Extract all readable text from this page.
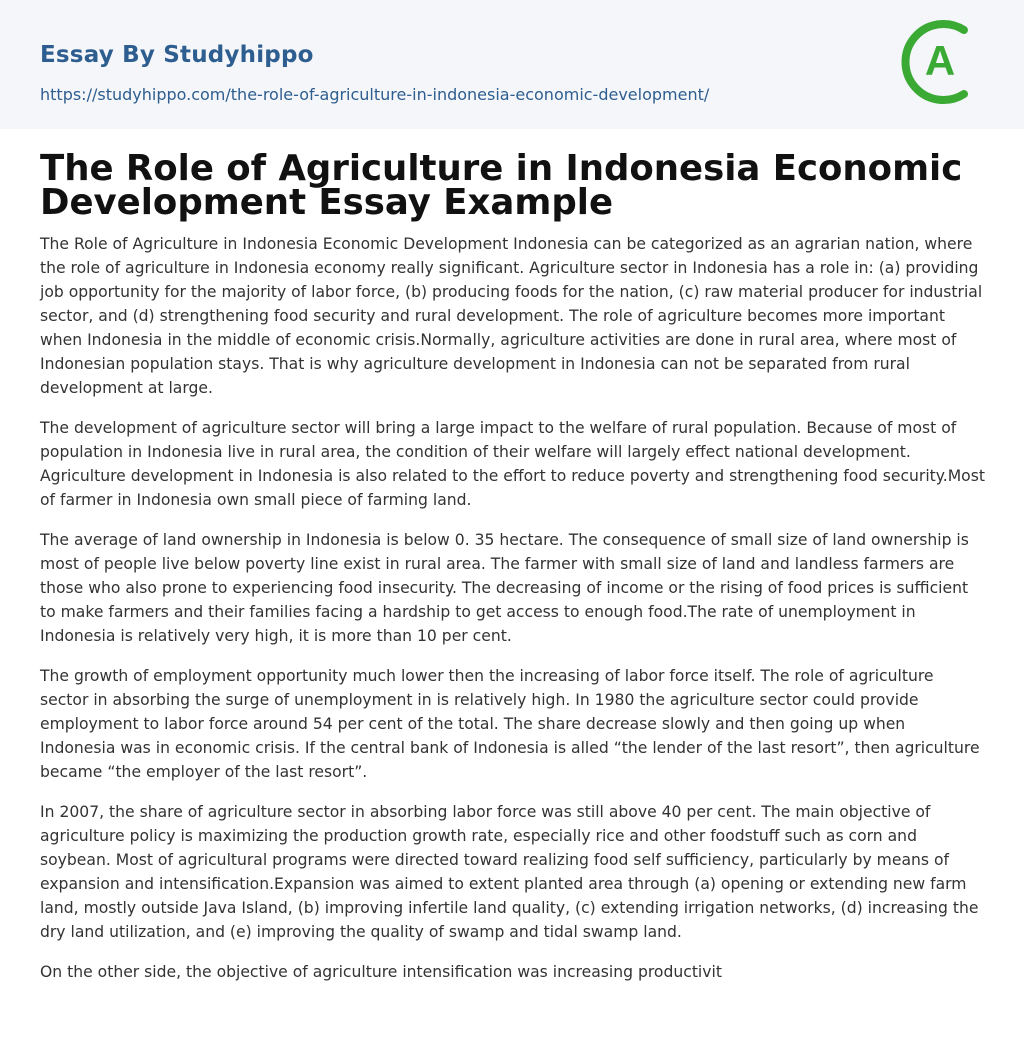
Essay By Studyhippo
https://studyhippo.com/the-role-of-agriculture-in-indonesia-economic-development/
A
The Role of Agriculture in Indonesia Economic Development Essay Example

The Role of Agriculture in Indonesia Economic Development Indonesia can be categorized as an agrarian nation, where the role of agriculture in Indonesia economy really significant. Agriculture sector in Indonesia has a role in: (a) providing job opportunity for the majority of labor force, (b) producing foods for the nation, (c) raw material producer for industrial sector, and (d) strengthening food security and rural development. The role of agriculture becomes more important when Indonesia in the middle of economic crisis.Normally, agriculture activities are done in rural area, where most of Indonesian population stays. That is why agriculture development in Indonesia can not be separated from rural development at large.

The development of agriculture sector will bring a large impact to the welfare of rural population. Because of most of population in Indonesia live in rural area, the condition of their welfare will largely effect national development. Agriculture development in Indonesia is also related to the effort to reduce poverty and strengthening food security.Most of farmer in Indonesia own small piece of farming land.

The average of land ownership in Indonesia is below 0. 35 hectare. The consequence of small size of land ownership is most of people live below poverty line exist in rural area. The farmer with small size of land and landless farmers are those who also prone to experiencing food insecurity. The decreasing of income or the rising of food prices is sufficient to make farmers and their families facing a hardship to get access to enough food.The rate of unemployment in Indonesia is relatively very high, it is more than 10 per cent.

The growth of employment opportunity much lower then the increasing of labor force itself. The role of agriculture sector in absorbing the surge of unemployment in is relatively high. In 1980 the agriculture sector could provide employment to labor force around 54 per cent of the total. The share decrease slowly and then going up when Indonesia was in economic crisis. If the central bank of Indonesia is alled “the lender of the last resort”, then agriculture became “the employer of the last resort”.

In 2007, the share of agriculture sector in absorbing labor force was still above 40 per cent. The main objective of agriculture policy is maximizing the production growth rate, especially rice and other foodstuff such as corn and soybean. Most of agricultural programs were directed toward realizing food self sufficiency, particularly by means of expansion and intensification.Expansion was aimed to extent planted area through (a) opening or extending new farm land, mostly outside Java Island, (b) improving infertile land quality, (c) extending irrigation networks, (d) increasing the dry land utilization, and (e) improving the quality of swamp and tidal swamp land.

On the other side, the objective of agriculture intensification was increasing productivit
